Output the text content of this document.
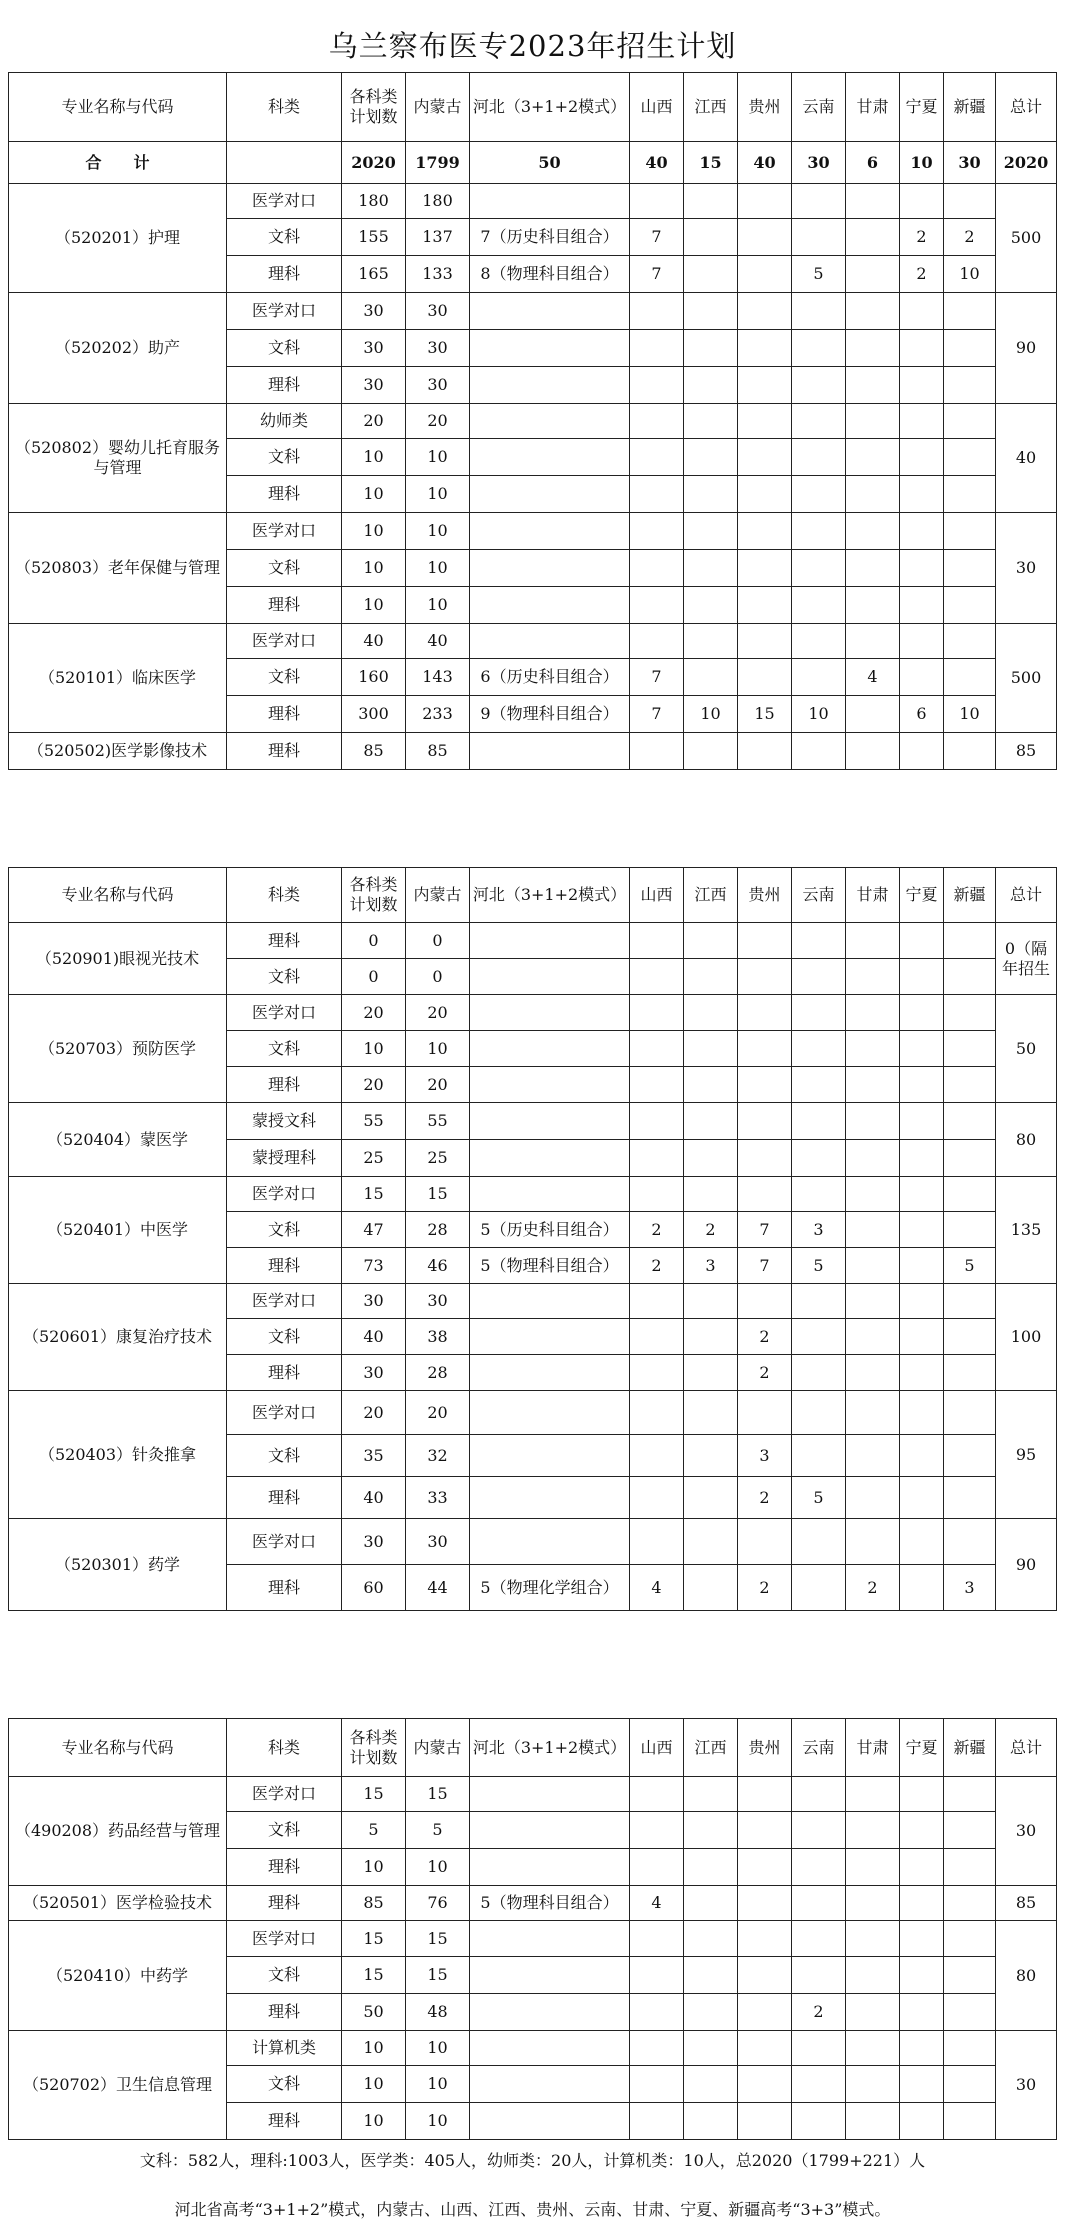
乌兰察布医专2023年招生计划
专业名称与代码	科类	各科类计划数	内蒙古	河北（3+1+2模式）	山西	江西	贵州	云南	甘肃	宁夏	新疆	总计
合　　计		2020	1799	50	40	15	40	30	6	10	30	2020
（520201）护理	医学对口	180	180									500
	文科	155	137	7（历史科目组合）	7					2	2	
	理科	165	133	8（物理科目组合）	7			5		2	10	
（520202）助产	医学对口	30	30									90
	文科	30	30									
	理科	30	30									
（520802）婴幼儿托育服务与管理	幼师类	20	20									40
	文科	10	10									
	理科	10	10									
（520803）老年保健与管理	医学对口	10	10									30
	文科	10	10									
	理科	10	10									
（520101）临床医学	医学对口	40	40									500
	文科	160	143	6（历史科目组合）	7				4			
	理科	300	233	9（物理科目组合）	7	10	15	10		6	10	
（520502)医学影像技术	理科	85	85									85
专业名称与代码	科类	各科类计划数	内蒙古	河北（3+1+2模式）	山西	江西	贵州	云南	甘肃	宁夏	新疆	总计
（520901)眼视光技术	理科	0	0									0（隔年招生
	文科	0	0									
（520703）预防医学	医学对口	20	20									50
	文科	10	10									
	理科	20	20									
（520404）蒙医学	蒙授文科	55	55									80
	蒙授理科	25	25									
（520401）中医学	医学对口	15	15									135
	文科	47	28	5（历史科目组合）	2	2	7	3				
	理科	73	46	5（物理科目组合）	2	3	7	5			5	
（520601）康复治疗技术	医学对口	30	30									100
	文科	40	38				2					
	理科	30	28				2					
（520403）针灸推拿	医学对口	20	20									95
	文科	35	32				3					
	理科	40	33				2	5				
（520301）药学	医学对口	30	30									90
	理科	60	44	5（物理化学组合）	4		2		2		3	
专业名称与代码	科类	各科类计划数	内蒙古	河北（3+1+2模式）	山西	江西	贵州	云南	甘肃	宁夏	新疆	总计
（490208）药品经营与管理	医学对口	15	15									30
	文科	5	5									
	理科	10	10									
（520501）医学检验技术	理科	85	76	5（物理科目组合）	4							85
（520410）中药学	医学对口	15	15									80
	文科	15	15									
	理科	50	48					2				
（520702）卫生信息管理	计算机类	10	10									30
	文科	10	10									
	理科	10	10									
文科：582人，理科:1003人，医学类：405人，幼师类：20人，计算机类：10人，总2020（1799+221）人
河北省高考“3+1+2”模式，内蒙古、山西、江西、贵州、云南、甘肃、宁夏、新疆高考“3+3”模式。
